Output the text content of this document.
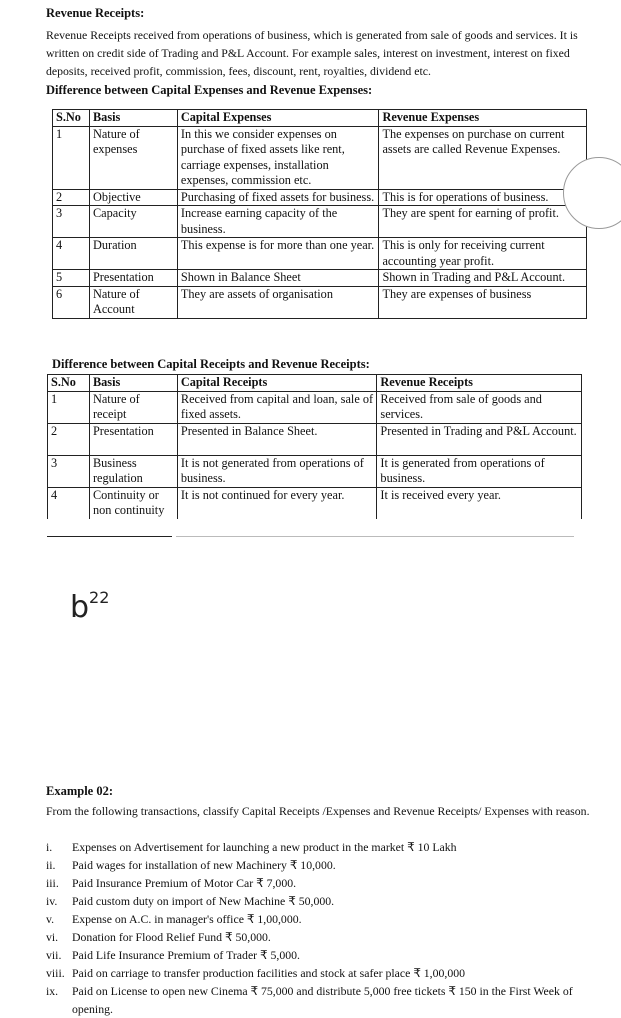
Revenue Receipts:
Revenue Receipts received from operations of business, which is generated from sale of goods and services. It is written on credit side of Trading and P&L Account. For example sales, interest on investment, interest on fixed deposits, received profit, commission, fees, discount, rent, royalties, dividend etc.
Difference between Capital Expenses and Revenue Expenses:
S.No	Basis	Capital Expenses	Revenue Expenses
1	Nature of expenses	In this we consider expenses on purchase of fixed assets like rent, carriage expenses, installation expenses, commission etc.	The expenses on purchase on current assets are called Revenue Expenses.
2	Objective	Purchasing of fixed assets for business.	This is for operations of business.
3	Capacity	Increase earning capacity of the business.	They are spent for earning of profit.
4	Duration	This expense is for more than one year.	This is only for receiving current accounting year profit.
5	Presentation	Shown in Balance Sheet	Shown in Trading and P&L Account.
6	Nature of Account	They are assets of organisation	They are expenses of business
Difference between Capital Receipts and Revenue Receipts:
S.No	Basis	Capital Receipts	Revenue Receipts
1	Nature of receipt	Received from capital and loan, sale of fixed assets.	Received from sale of goods and services.
2	Presentation	Presented in Balance Sheet.	Presented in Trading and P&L Account.
3	Business regulation	It is not generated from operations of business.	It is generated from operations of business.
4	Continuity or non continuity	It is not continued for every year.	It is received every year.
$b^{22}$
Example 02:
From the following transactions, classify Capital Receipts /Expenses and Revenue Receipts/ Expenses with reason.
i. Expenses on Advertisement for launching a new product in the market ₹ 10 Lakh
ii. Paid wages for installation of new Machinery ₹ 10,000.
iii. Paid Insurance Premium of Motor Car ₹ 7,000.
iv. Paid custom duty on import of New Machine ₹ 50,000.
v. Expense on A.C. in manager's office ₹ 1,00,000.
vi. Donation for Flood Relief Fund ₹ 50,000.
vii. Paid Life Insurance Premium of Trader ₹ 5,000.
viii. Paid on carriage to transfer production facilities and stock at safer place ₹ 1,00,000
ix. Paid on License to open new Cinema ₹ 75,000 and distribute 5,000 free tickets ₹ 150 in the First Week of opening.
